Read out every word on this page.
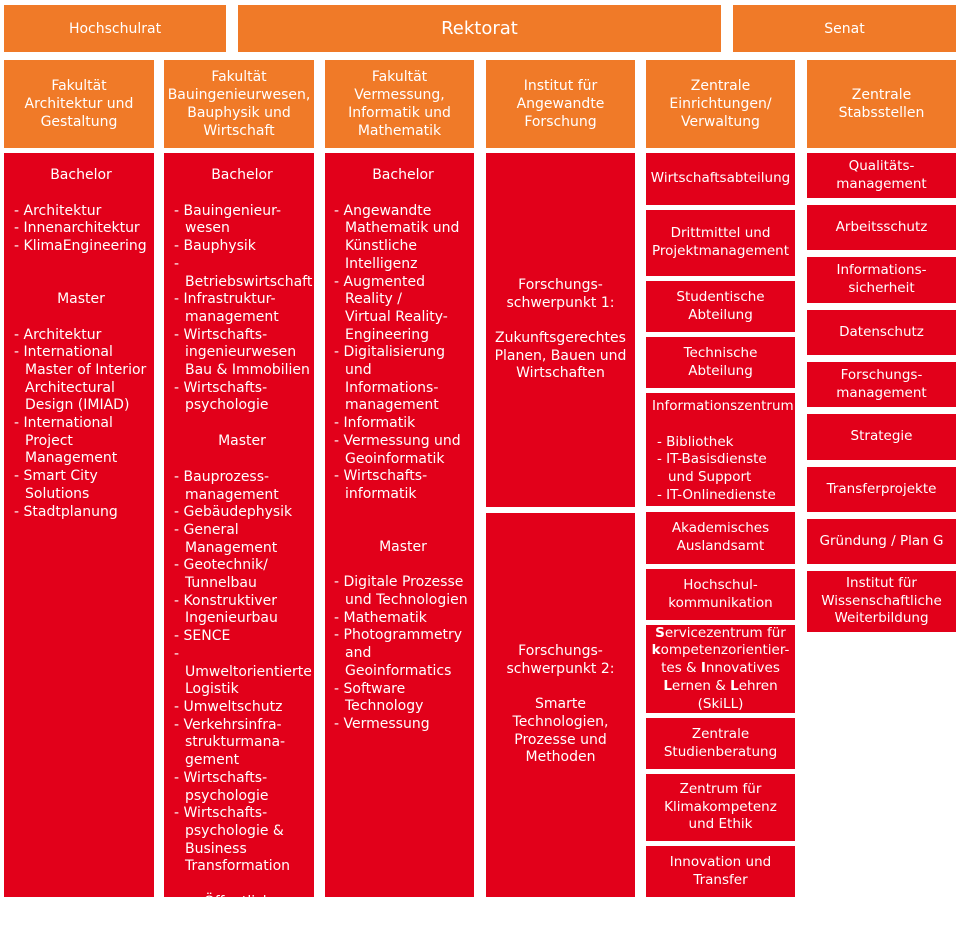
Hochschulrat	Rektorat	Senat
Fakultät
Architektur und
Gestaltung
Fakultät
Bauingenieurwesen,
Bauphysik und
Wirtschaft
Fakultät
Vermessung,
Informatik und
Mathematik
Institut für
Angewandte
Forschung
Zentrale
Einrichtungen/
Verwaltung
Zentrale
Stabsstellen
Bachelor
- Architektur
- Innenarchitektur
- KlimaEngineering
Master
- Architektur
- International
Master of Interior
Architectural
Design (IMIAD)
- International
Project
Management
- Smart City
Solutions
- Stadtplanung
Bachelor
- Bauingenieur-
wesen
- Bauphysik
- Betriebswirtschaft
- Infrastruktur-
management
- Wirtschafts-
ingenieurwesen
Bau & Immobilien
- Wirtschafts-
psychologie
Master
- Bauprozess-
management
- Gebäudephysik
- General
Management
- Geotechnik/
Tunnelbau
- Konstruktiver
Ingenieurbau
- SENCE
- Umweltorientierte
Logistik
- Umweltschutz
- Verkehrsinfra-
strukturmana-
gement
- Wirtschafts-
psychologie
- Wirtschafts-
psychologie &
Business
Transformation
Öffentliche
Baustoffprüfstelle
Bachelor
- Angewandte
Mathematik und
Künstliche
Intelligenz
- Augmented Reality /
Virtual Reality-
Engineering
- Digitalisierung und
Informations-
management
- Informatik
- Vermessung und
Geoinformatik
- Wirtschafts-
informatik
Master
- Digitale Prozesse
und Technologien
- Mathematik
- Photogrammetry
and Geoinformatics
- Software
Technology
- Vermessung
Forschungs-
schwerpunkt 1:
Zukunftsgerechtes
Planen, Bauen und
Wirtschaften
Forschungs-
schwerpunkt 2:
Smarte
Technologien,
Prozesse und
Methoden
Wirtschaftsabteilung
Drittmittel und
Projektmanagement
Studentische
Abteilung
Technische
Abteilung
Informationszentrum
- Bibliothek
- IT-Basisdienste
und Support
- IT-Onlinedienste
Akademisches
Auslandsamt
Hochschul-
kommunikation
Servicezentrum für
kompetenzorientier-
tes & Innovatives
Lernen & Lehren
(SkiLL)
Zentrale
Studienberatung
Zentrum für
Klimakompetenz
und Ethik
Innovation und
Transfer
Qualitäts-
management
Arbeitsschutz
Informations-
sicherheit
Datenschutz
Forschungs-
management
Strategie
Transferprojekte
Gründung / Plan G
Institut für
Wissenschaftliche
Weiterbildung
